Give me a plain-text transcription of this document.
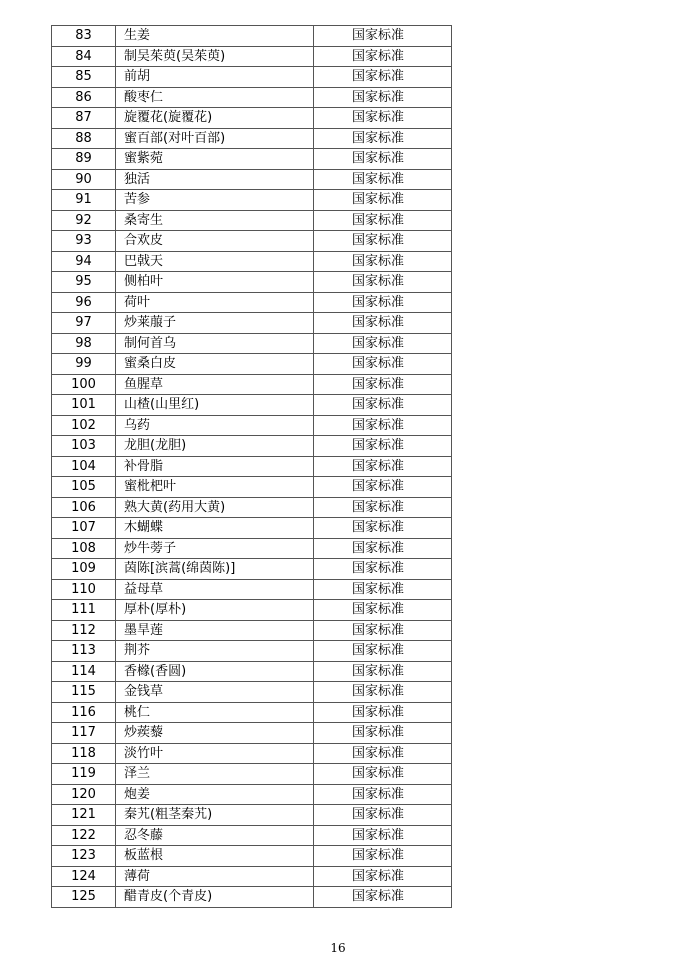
83	生姜	国家标准
84	制吴茱萸(吴茱萸)	国家标准
85	前胡	国家标准
86	酸枣仁	国家标准
87	旋覆花(旋覆花)	国家标准
88	蜜百部(对叶百部)	国家标准
89	蜜紫菀	国家标准
90	独活	国家标准
91	苦参	国家标准
92	桑寄生	国家标准
93	合欢皮	国家标准
94	巴戟天	国家标准
95	侧柏叶	国家标准
96	荷叶	国家标准
97	炒莱菔子	国家标准
98	制何首乌	国家标准
99	蜜桑白皮	国家标准
100	鱼腥草	国家标准
101	山楂(山里红)	国家标准
102	乌药	国家标准
103	龙胆(龙胆)	国家标准
104	补骨脂	国家标准
105	蜜枇杷叶	国家标准
106	熟大黄(药用大黄)	国家标准
107	木蝴蝶	国家标准
108	炒牛蒡子	国家标准
109	茵陈[滨蒿(绵茵陈)]	国家标准
110	益母草	国家标准
111	厚朴(厚朴)	国家标准
112	墨旱莲	国家标准
113	荆芥	国家标准
114	香橼(香圆)	国家标准
115	金钱草	国家标准
116	桃仁	国家标准
117	炒蒺藜	国家标准
118	淡竹叶	国家标准
119	泽兰	国家标准
120	炮姜	国家标准
121	秦艽(粗茎秦艽)	国家标准
122	忍冬藤	国家标准
123	板蓝根	国家标准
124	薄荷	国家标准
125	醋青皮(个青皮)	国家标准
16
